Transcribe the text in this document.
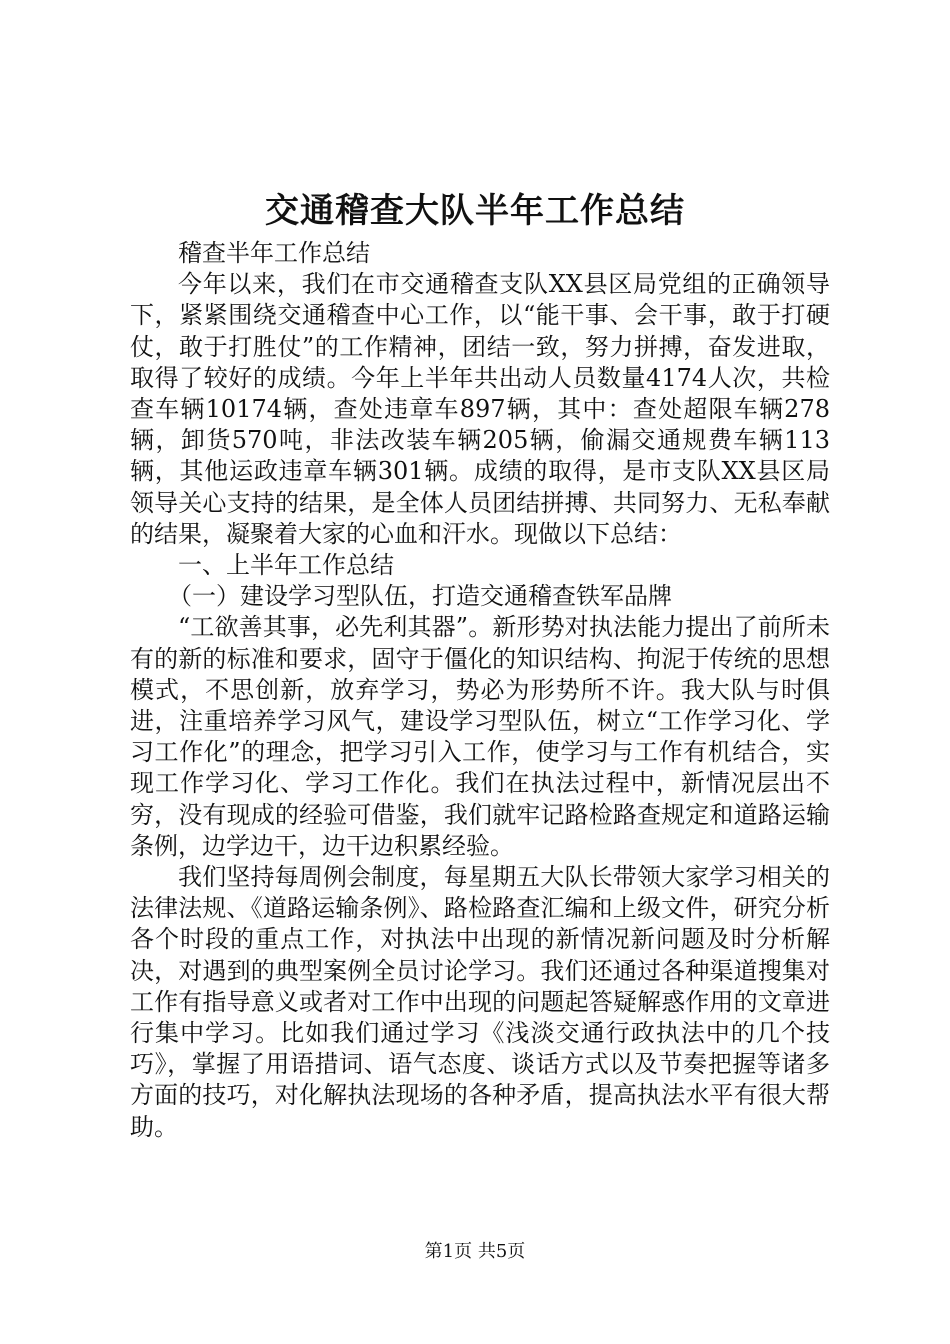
交通稽查大队半年工作总结

稽查半年工作总结

今年以来，我们在市交通稽查支队XX县区局党组的正确领导下，紧紧围绕交通稽查中心工作，以“能干事、会干事，敢于打硬仗，敢于打胜仗”的工作精神，团结一致，努力拼搏，奋发进取，取得了较好的成绩。今年上半年共出动人员数量4174人次，共检查车辆10174辆，查处违章车897辆，其中：查处超限车辆278辆，卸货570吨，非法改装车辆205辆，偷漏交通规费车辆113辆，其他运政违章车辆301辆。成绩的取得，是市支队XX县区局领导关心支持的结果，是全体人员团结拼搏、共同努力、无私奉献的结果，凝聚着大家的心血和汗水。现做以下总结：

一、上半年工作总结

（一）建设学习型队伍，打造交通稽查铁军品牌

“工欲善其事，必先利其器”。新形势对执法能力提出了前所未有的新的标准和要求，固守于僵化的知识结构、拘泥于传统的思想模式，不思创新，放弃学习，势必为形势所不许。我大队与时俱进，注重培养学习风气，建设学习型队伍，树立“工作学习化、学习工作化”的理念，把学习引入工作，使学习与工作有机结合，实现工作学习化、学习工作化。我们在执法过程中，新情况层出不穷，没有现成的经验可借鉴，我们就牢记路检路查规定和道路运输条例，边学边干，边干边积累经验。

我们坚持每周例会制度，每星期五大队长带领大家学习相关的法律法规、《道路运输条例》、路检路查汇编和上级文件，研究分析各个时段的重点工作，对执法中出现的新情况新问题及时分析解决，对遇到的典型案例全员讨论学习。我们还通过各种渠道搜集对工作有指导意义或者对工作中出现的问题起答疑解惑作用的文章进行集中学习。比如我们通过学习《浅淡交通行政执法中的几个技巧》，掌握了用语措词、语气态度、谈话方式以及节奏把握等诸多方面的技巧，对化解执法现场的各种矛盾，提高执法水平有很大帮助。

第1页 共5页
